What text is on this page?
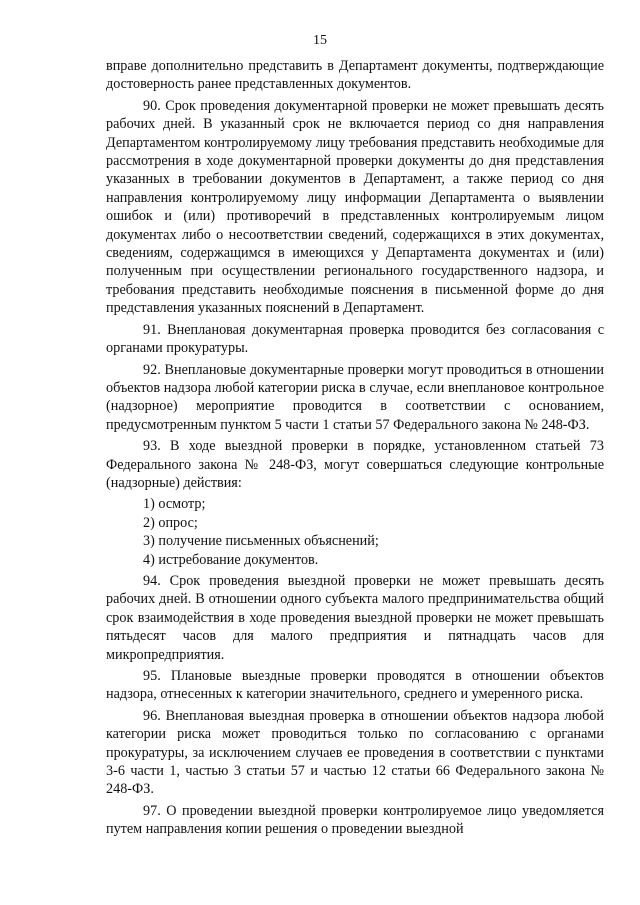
15

вправе дополнительно представить в Департамент документы, подтверждающие достоверность ранее представленных документов.

90. Срок проведения документарной проверки не может превышать десять рабочих дней. В указанный срок не включается период со дня направления Департаментом контролируемому лицу требования представить необходимые для рассмотрения в ходе документарной проверки документы до дня представления указанных в требовании документов в Департамент, а также период со дня направления контролируемому лицу информации Департамента о выявлении ошибок и (или) противоречий в представленных контролируемым лицом документах либо о несоответствии сведений, содержащихся в этих документах, сведениям, содержащимся в имеющихся у Департамента документах и (или) полученным при осуществлении регионального государственного надзора, и требования представить необходимые пояснения в письменной форме до дня представления указанных пояснений в Департамент.

91. Внеплановая документарная проверка проводится без согласования с органами прокуратуры.

92. Внеплановые документарные проверки могут проводиться в отношении объектов надзора любой категории риска в случае, если внеплановое контрольное (надзорное) мероприятие проводится в соответствии с основанием, предусмотренным пунктом 5 части 1 статьи 57 Федерального закона № 248-ФЗ.

93. В ходе выездной проверки в порядке, установленном статьей 73 Федерального закона № 248-ФЗ, могут совершаться следующие контрольные (надзорные) действия:

1) осмотр;
2) опрос;
3) получение письменных объяснений;
4) истребование документов.

94. Срок проведения выездной проверки не может превышать десять рабочих дней. В отношении одного субъекта малого предпринимательства общий срок взаимодействия в ходе проведения выездной проверки не может превышать пятьдесят часов для малого предприятия и пятнадцать часов для микропредприятия.

95. Плановые выездные проверки проводятся в отношении объектов надзора, отнесенных к категории значительного, среднего и умеренного риска.

96. Внеплановая выездная проверка в отношении объектов надзора любой категории риска может проводиться только по согласованию с органами прокуратуры, за исключением случаев ее проведения в соответствии с пунктами 3-6 части 1, частью 3 статьи 57 и частью 12 статьи 66 Федерального закона № 248-ФЗ.

97. О проведении выездной проверки контролируемое лицо уведомляется путем направления копии решения о проведении выездной
